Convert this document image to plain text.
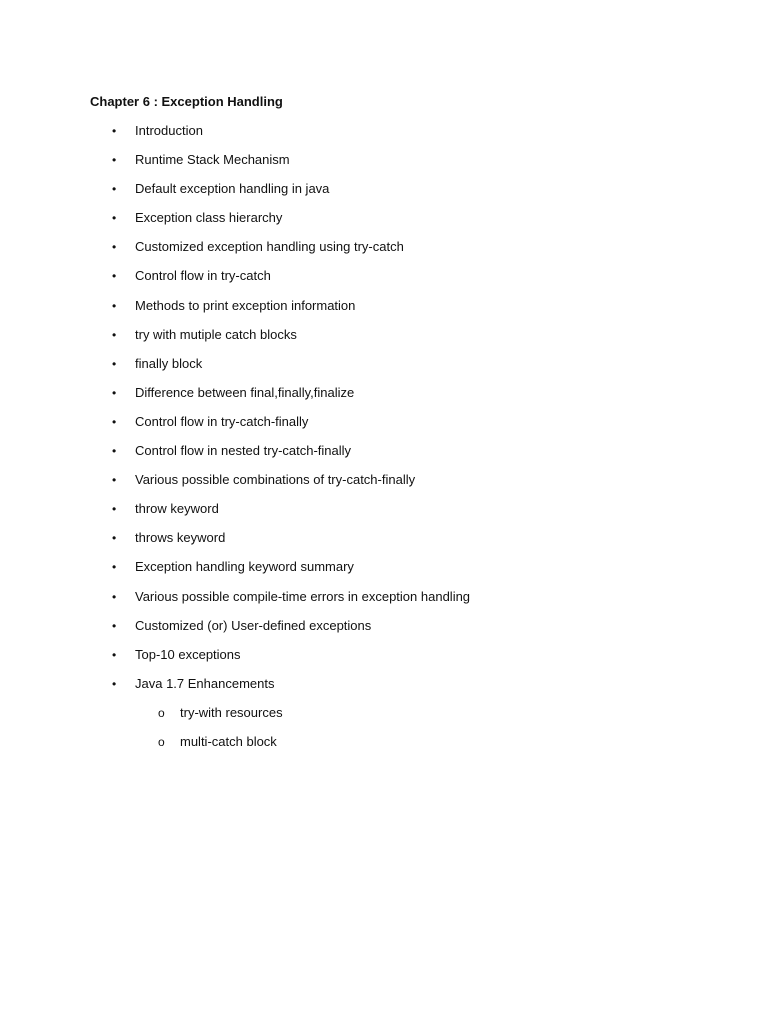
Chapter 6 : Exception Handling
•	Introduction
•	Runtime Stack Mechanism
•	Default exception handling in java
•	Exception class hierarchy
•	Customized exception handling using try-catch
•	Control flow in try-catch
•	Methods to print exception information
•	try with mutiple catch blocks
•	finally block
•	Difference between final,finally,finalize
•	Control flow in try-catch-finally
•	Control flow in nested try-catch-finally
•	Various possible combinations of try-catch-finally
•	throw keyword
•	throws keyword
•	Exception handling keyword summary
•	Various possible compile-time errors in exception handling
•	Customized (or) User-defined exceptions
•	Top-10 exceptions
•	Java 1.7 Enhancements
o try-with resources
o multi-catch block
